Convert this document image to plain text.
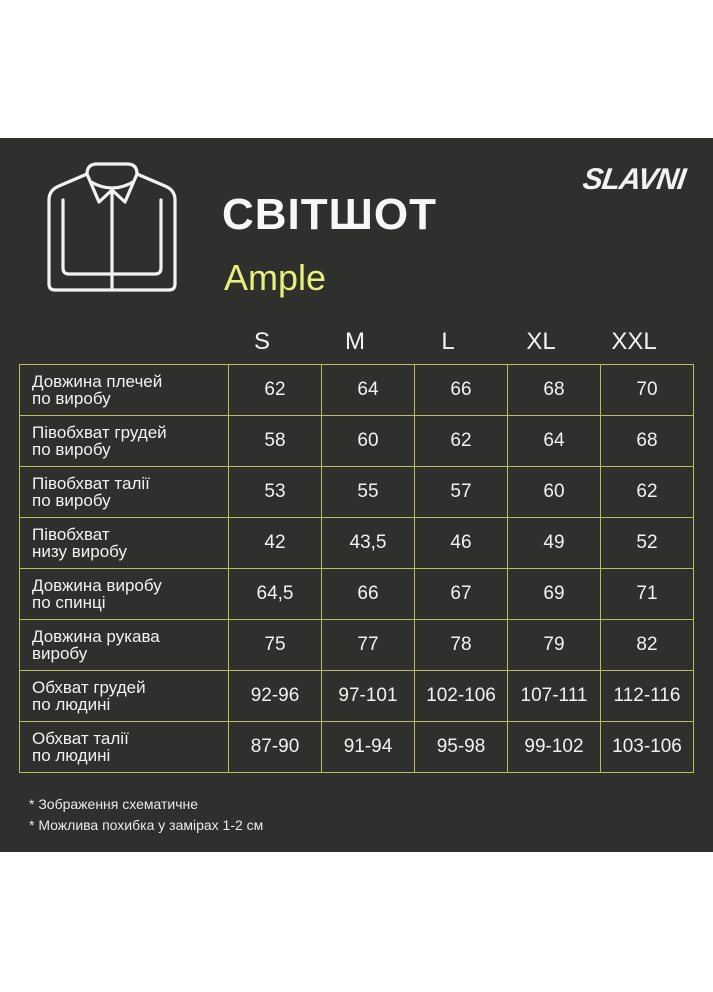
SLAVNI
СВІТШОТ
Ample
S	M	L	XL	XXL
Довжина плечей
по виробу	62	64	66	68	70

Півобхват грудей
по виробу	58	60	62	64	68

Півобхват талії
по виробу	53	55	57	60	62

Півобхват
низу виробу	42	43,5	46	49	52

Довжина виробу
по спинці	64,5	66	67	69	71

Довжина рукава
виробу	75	77	78	79	82

Обхват грудей
по людині	92-96	97-101	102-106	107-111	112-116

Обхват талії
по людині	87-90	91-94	95-98	99-102	103-106
* Зображення схематичне
* Можлива похибка у замірах 1-2 см
